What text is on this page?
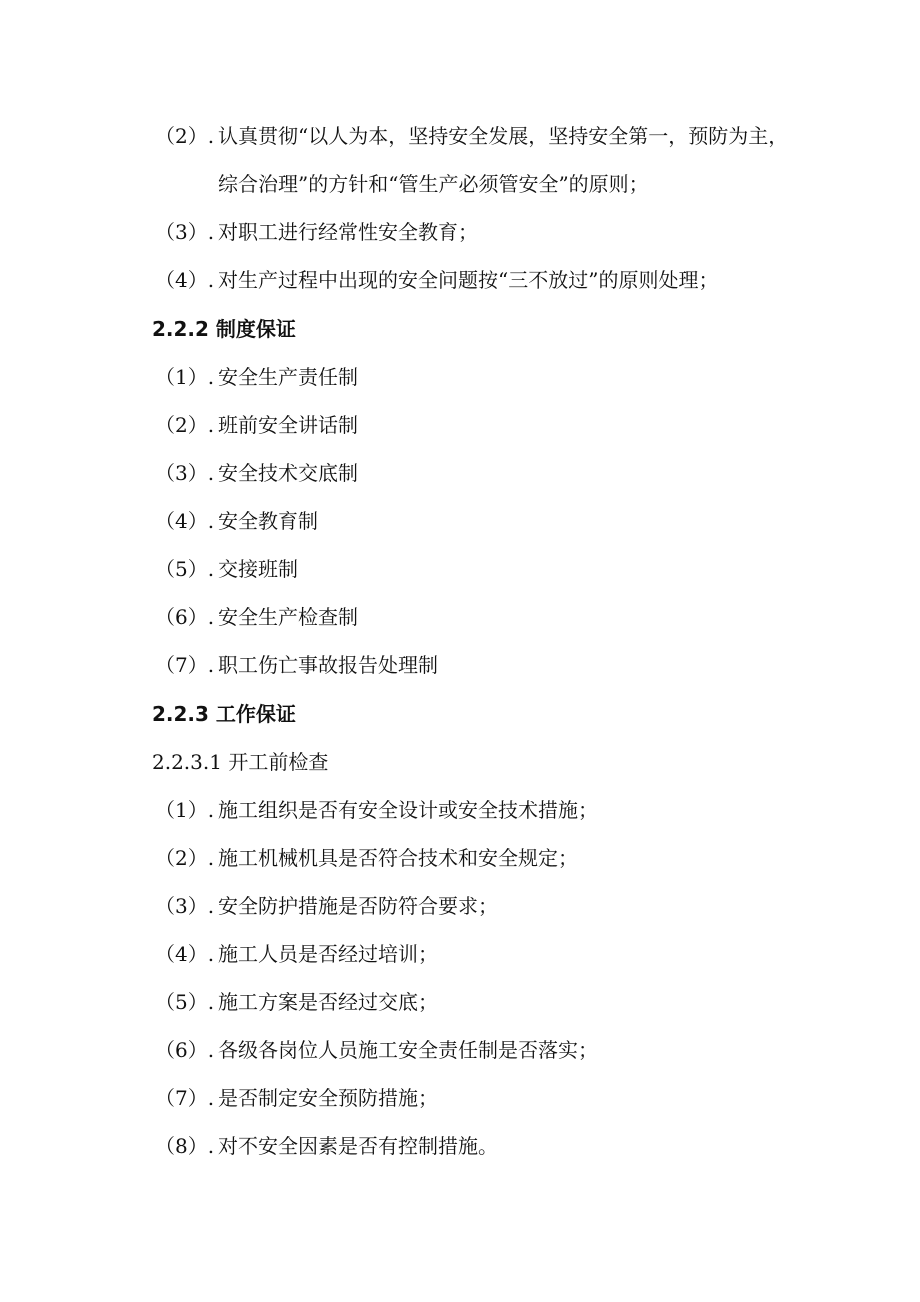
（2）. 认真贯彻“以人为本，坚持安全发展，坚持安全第一，预防为主，
综合治理”的方针和“管生产必须管安全”的原则；
（3）. 对职工进行经常性安全教育；
（4）. 对生产过程中出现的安全问题按“三不放过”的原则处理；
2.2.2 制度保证
（1）. 安全生产责任制
（2）. 班前安全讲话制
（3）. 安全技术交底制
（4）. 安全教育制
（5）. 交接班制
（6）. 安全生产检查制
（7）. 职工伤亡事故报告处理制
2.2.3 工作保证
2.2.3.1 开工前检查
（1）. 施工组织是否有安全设计或安全技术措施；
（2）. 施工机械机具是否符合技术和安全规定；
（3）. 安全防护措施是否防符合要求；
（4）. 施工人员是否经过培训；
（5）. 施工方案是否经过交底；
（6）. 各级各岗位人员施工安全责任制是否落实；
（7）. 是否制定安全预防措施；
（8）. 对不安全因素是否有控制措施。
